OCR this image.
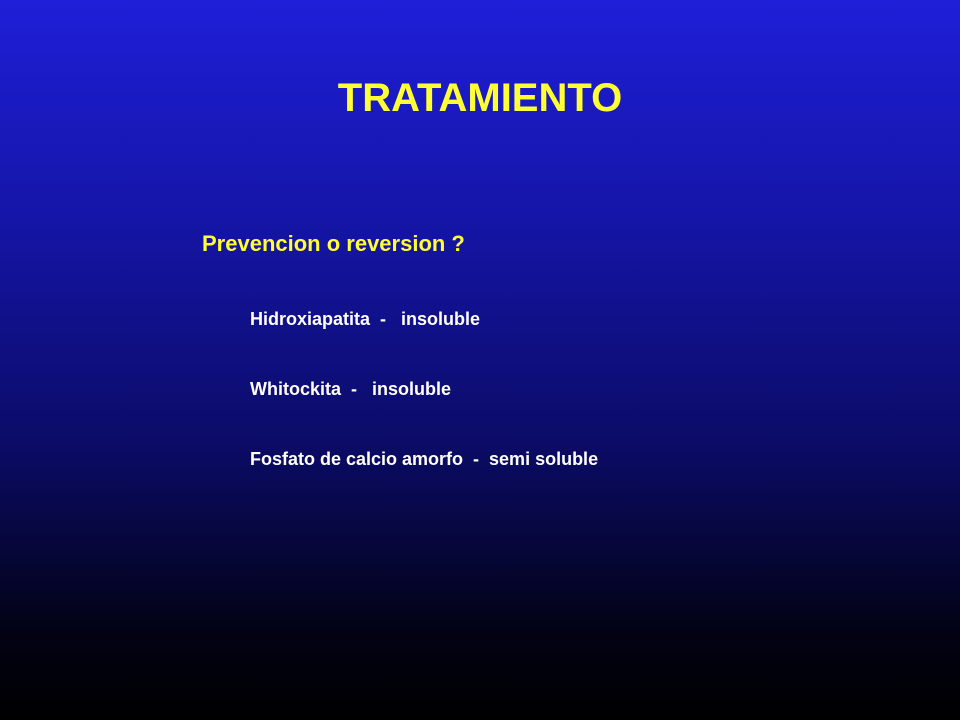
TRATAMIENTO

Prevencion o reversion ?

Hidroxiapatita  -   insoluble
Whitockita  -   insoluble
Fosfato de calcio amorfo  -  semi soluble
